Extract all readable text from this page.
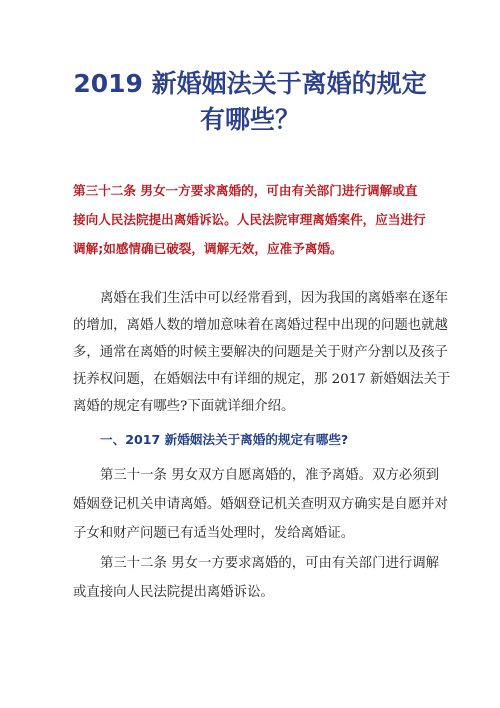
2019 新婚姻法关于离婚的规定
有哪些？

第三十二条 男女一方要求离婚的，可由有关部门进行调解或直
接向人民法院提出离婚诉讼。人民法院审理离婚案件，应当进行
调解;如感情确已破裂，调解无效，应准予离婚。

离婚在我们生活中可以经常看到，因为我国的离婚率在逐年
的增加，离婚人数的增加意味着在离婚过程中出现的问题也就越
多，通常在离婚的时候主要解决的问题是关于财产分割以及孩子
抚养权问题，在婚姻法中有详细的规定，那 2017 新婚姻法关于
离婚的规定有哪些?下面就详细介绍。

一、2017 新婚姻法关于离婚的规定有哪些?

第三十一条 男女双方自愿离婚的，准予离婚。双方必须到
婚姻登记机关申请离婚。婚姻登记机关查明双方确实是自愿并对
子女和财产问题已有适当处理时，发给离婚证。

第三十二条 男女一方要求离婚的，可由有关部门进行调解
或直接向人民法院提出离婚诉讼。
